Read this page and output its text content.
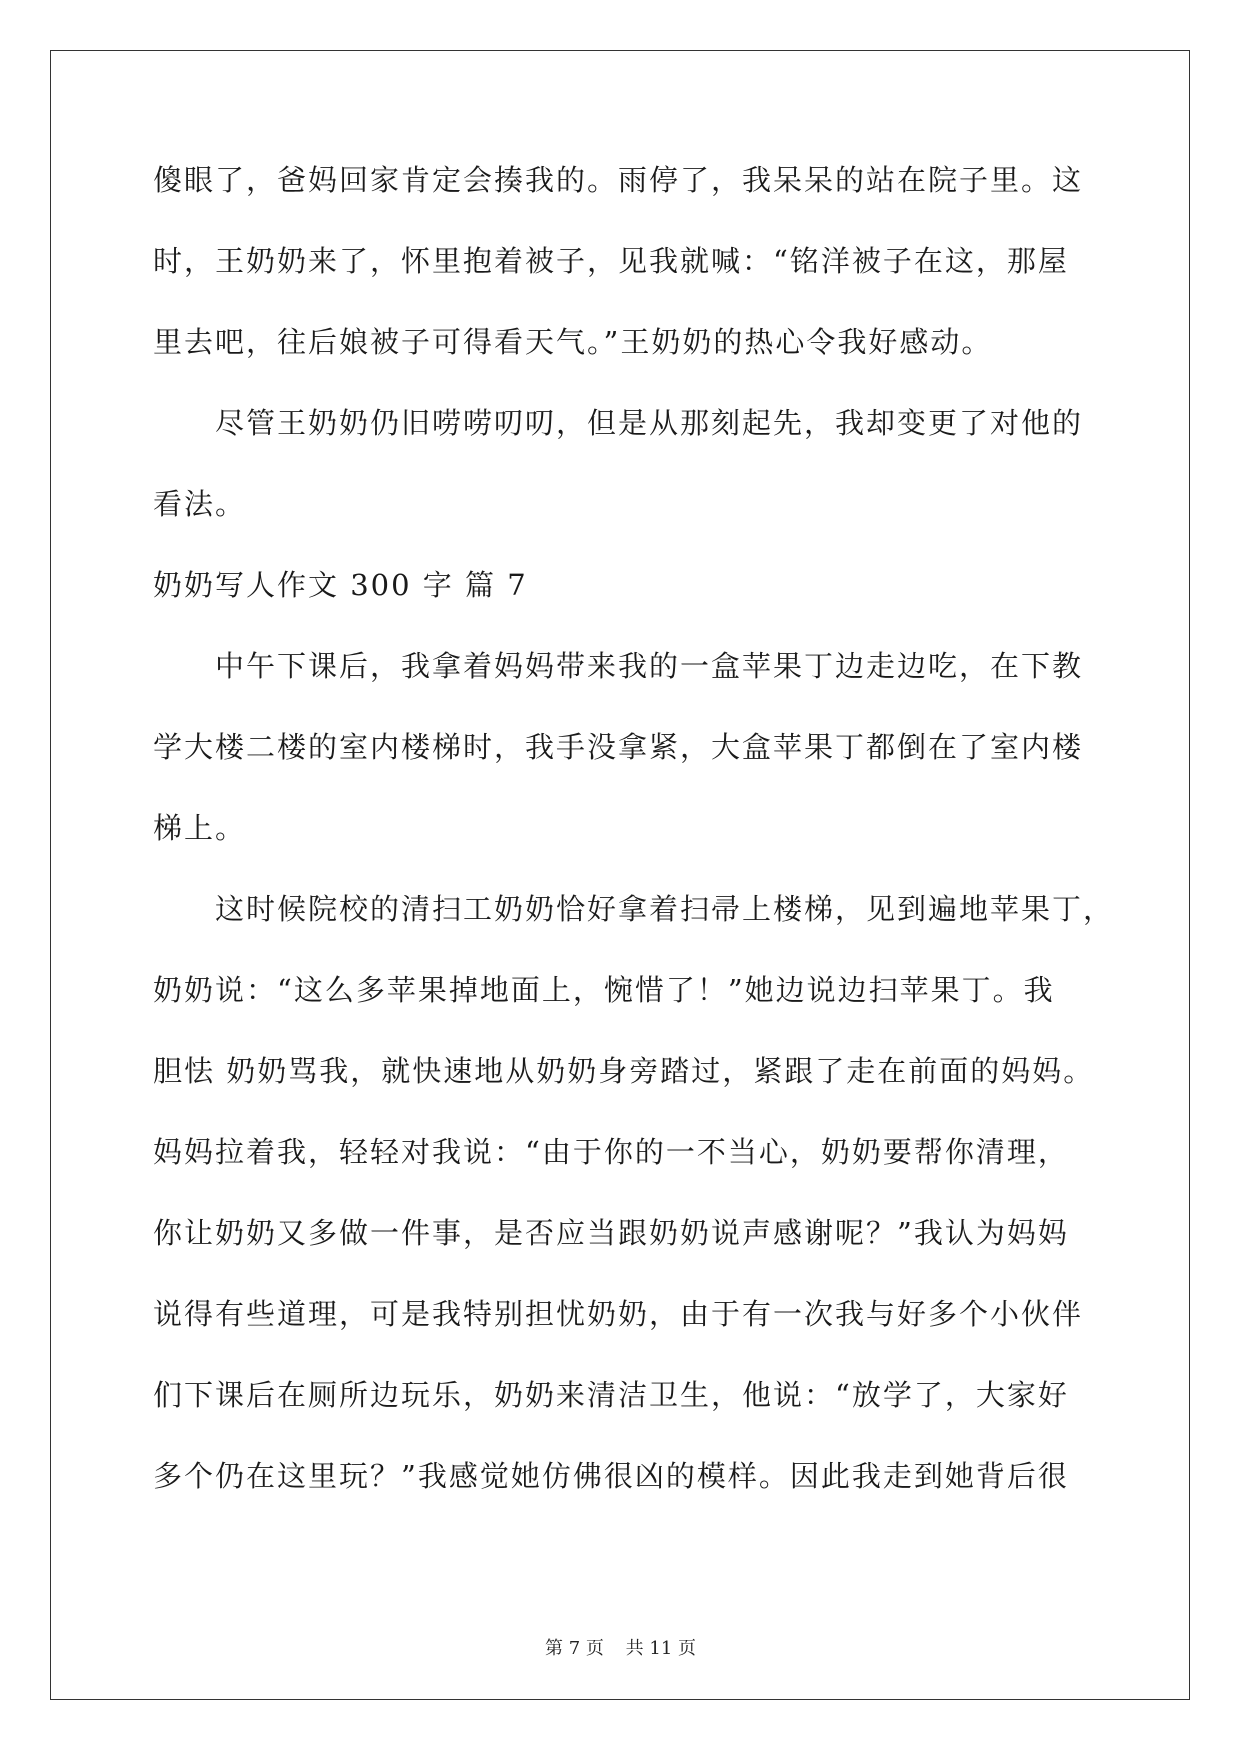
傻眼了，爸妈回家肯定会揍我的。雨停了，我呆呆的站在院子里。这
时，王奶奶来了，怀里抱着被子，见我就喊：“铭洋被子在这，那屋
里去吧，往后娘被子可得看天气。”王奶奶的热心令我好感动。
尽管王奶奶仍旧唠唠叨叨，但是从那刻起先，我却变更了对他的
看法。
奶奶写人作文 300 字 篇 7
中午下课后，我拿着妈妈带来我的一盒苹果丁边走边吃，在下教
学大楼二楼的室内楼梯时，我手没拿紧，大盒苹果丁都倒在了室内楼
梯上。
这时候院校的清扫工奶奶恰好拿着扫帚上楼梯，见到遍地苹果丁，
奶奶说：“这么多苹果掉地面上，惋惜了！”她边说边扫苹果丁。我
胆怯 奶奶骂我，就快速地从奶奶身旁踏过，紧跟了走在前面的妈妈。
妈妈拉着我，轻轻对我说：“由于你的一不当心，奶奶要帮你清理，
你让奶奶又多做一件事，是否应当跟奶奶说声感谢呢？”我认为妈妈
说得有些道理，可是我特别担忧奶奶，由于有一次我与好多个小伙伴
们下课后在厕所边玩乐，奶奶来清洁卫生，他说：“放学了，大家好
多个仍在这里玩？”我感觉她仿佛很凶的模样。因此我走到她背后很
第 7 页 共 11 页
